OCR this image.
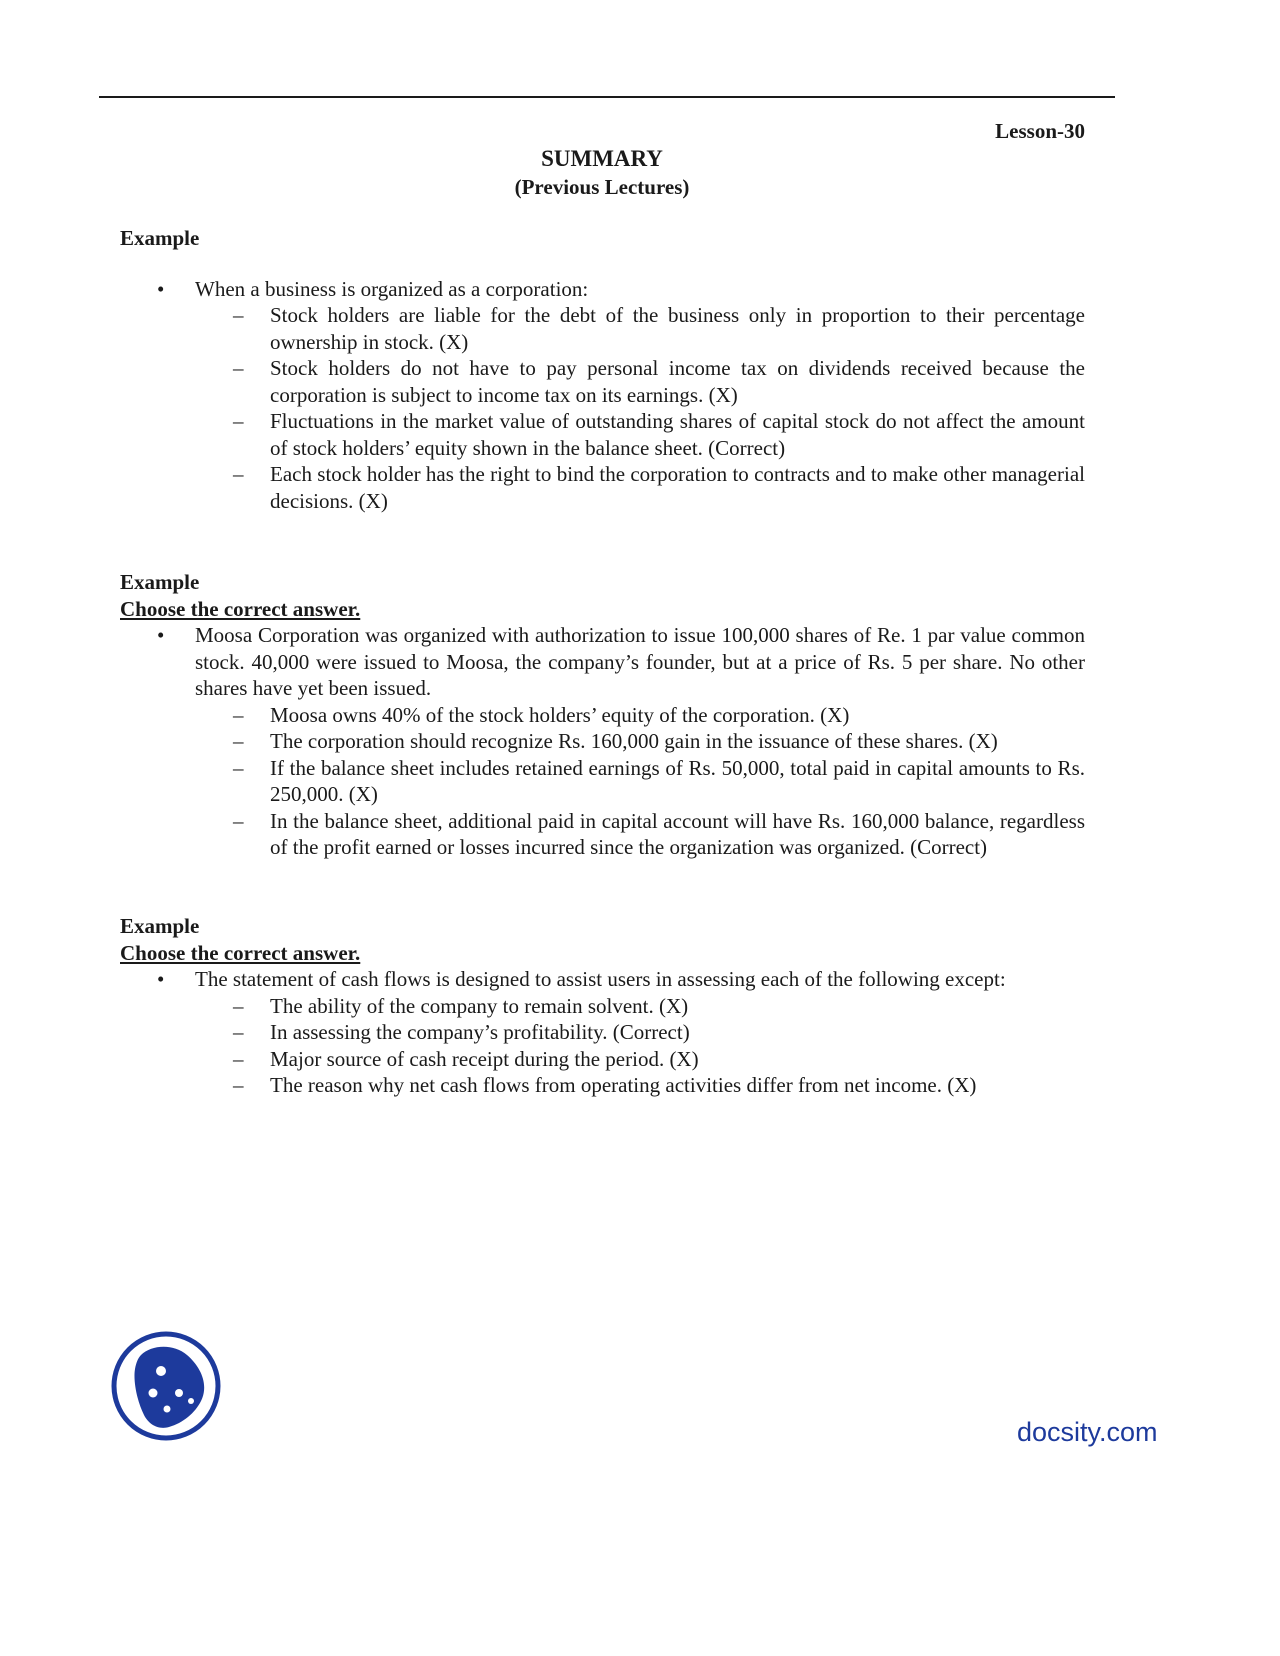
Lesson-30
SUMMARY
(Previous Lectures)
Example
• When a business is organized as a corporation:
– Stock holders are liable for the debt of the business only in proportion to their percentage ownership in stock. (X)
– Stock holders do not have to pay personal income tax on dividends received because the corporation is subject to income tax on its earnings. (X)
– Fluctuations in the market value of outstanding shares of capital stock do not affect the amount of stock holders’ equity shown in the balance sheet. (Correct)
– Each stock holder has the right to bind the corporation to contracts and to make other managerial decisions. (X)
Example
Choose the correct answer.
• Moosa Corporation was organized with authorization to issue 100,000 shares of Re. 1 par value common stock. 40,000 were issued to Moosa, the company’s founder, but at a price of Rs. 5 per share. No other shares have yet been issued.
– Moosa owns 40% of the stock holders’ equity of the corporation. (X)
– The corporation should recognize Rs. 160,000 gain in the issuance of these shares. (X)
– If the balance sheet includes retained earnings of Rs. 50,000, total paid in capital amounts to Rs. 250,000. (X)
– In the balance sheet, additional paid in capital account will have Rs. 160,000 balance, regardless of the profit earned or losses incurred since the organization was organized. (Correct)
Example
Choose the correct answer.
• The statement of cash flows is designed to assist users in assessing each of the following except:
– The ability of the company to remain solvent. (X)
– In assessing the company’s profitability. (Correct)
– Major source of cash receipt during the period. (X)
– The reason why net cash flows from operating activities differ from net income. (X)
docsity.com
